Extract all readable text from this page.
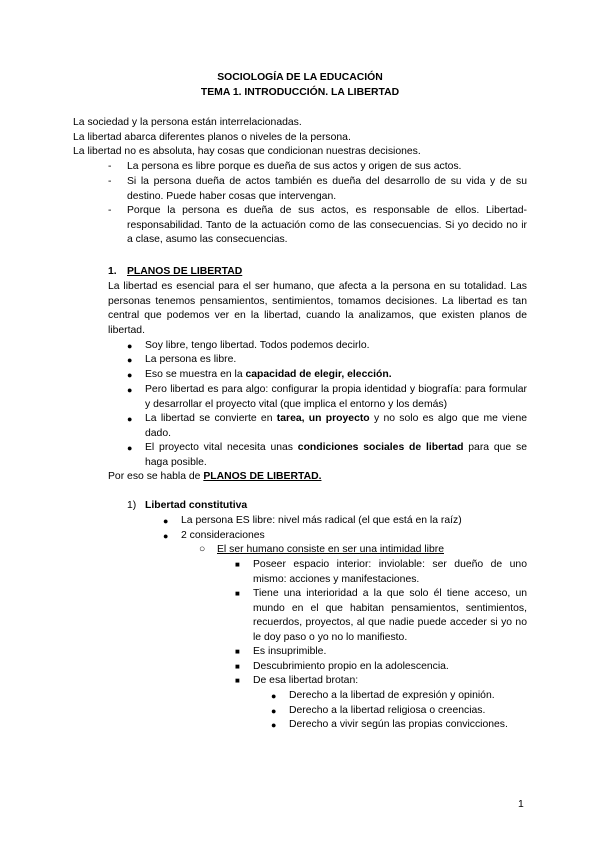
SOCIOLOGÍA DE LA EDUCACIÓN
TEMA 1. INTRODUCCIÓN. LA LIBERTAD
La sociedad y la persona están interrelacionadas.
La libertad abarca diferentes planos o niveles de la persona.
La libertad no es absoluta, hay cosas que condicionan nuestras decisiones.
- La persona es libre porque es dueña de sus actos y origen de sus actos.
- Si la persona dueña de actos también es dueña del desarrollo de su vida y de su destino. Puede haber cosas que intervengan.
- Porque la persona es dueña de sus actos, es responsable de ellos. Libertad-responsabilidad. Tanto de la actuación como de las consecuencias. Si yo decido no ir a clase, asumo las consecuencias.
1. PLANOS DE LIBERTAD
La libertad es esencial para el ser humano, que afecta a la persona en su totalidad. Las personas tenemos pensamientos, sentimientos, tomamos decisiones. La libertad es tan central que podemos ver en la libertad, cuando la analizamos, que existen planos de libertad.
● Soy libre, tengo libertad. Todos podemos decirlo.
● La persona es libre.
● Eso se muestra en la capacidad de elegir, elección.
● Pero libertad es para algo: configurar la propia identidad y biografía: para formular y desarrollar el proyecto vital (que implica el entorno y los demás)
● La libertad se convierte en tarea, un proyecto y no solo es algo que me viene dado.
● El proyecto vital necesita unas condiciones sociales de libertad para que se haga posible.
Por eso se habla de PLANOS DE LIBERTAD.
1) Libertad constitutiva
● La persona ES libre: nivel más radical (el que está en la raíz)
● 2 consideraciones
○ El ser humano consiste en ser una intimidad libre
■ Poseer espacio interior: inviolable: ser dueño de uno mismo: acciones y manifestaciones.
■ Tiene una interioridad a la que solo él tiene acceso, un mundo en el que habitan pensamientos, sentimientos, recuerdos, proyectos, al que nadie puede acceder si yo no le doy paso o yo no lo manifiesto.
■ Es insuprimible.
■ Descubrimiento propio en la adolescencia.
■ De esa libertad brotan:
● Derecho a la libertad de expresión y opinión.
● Derecho a la libertad religiosa o creencias.
● Derecho a vivir según las propias convicciones.
1
